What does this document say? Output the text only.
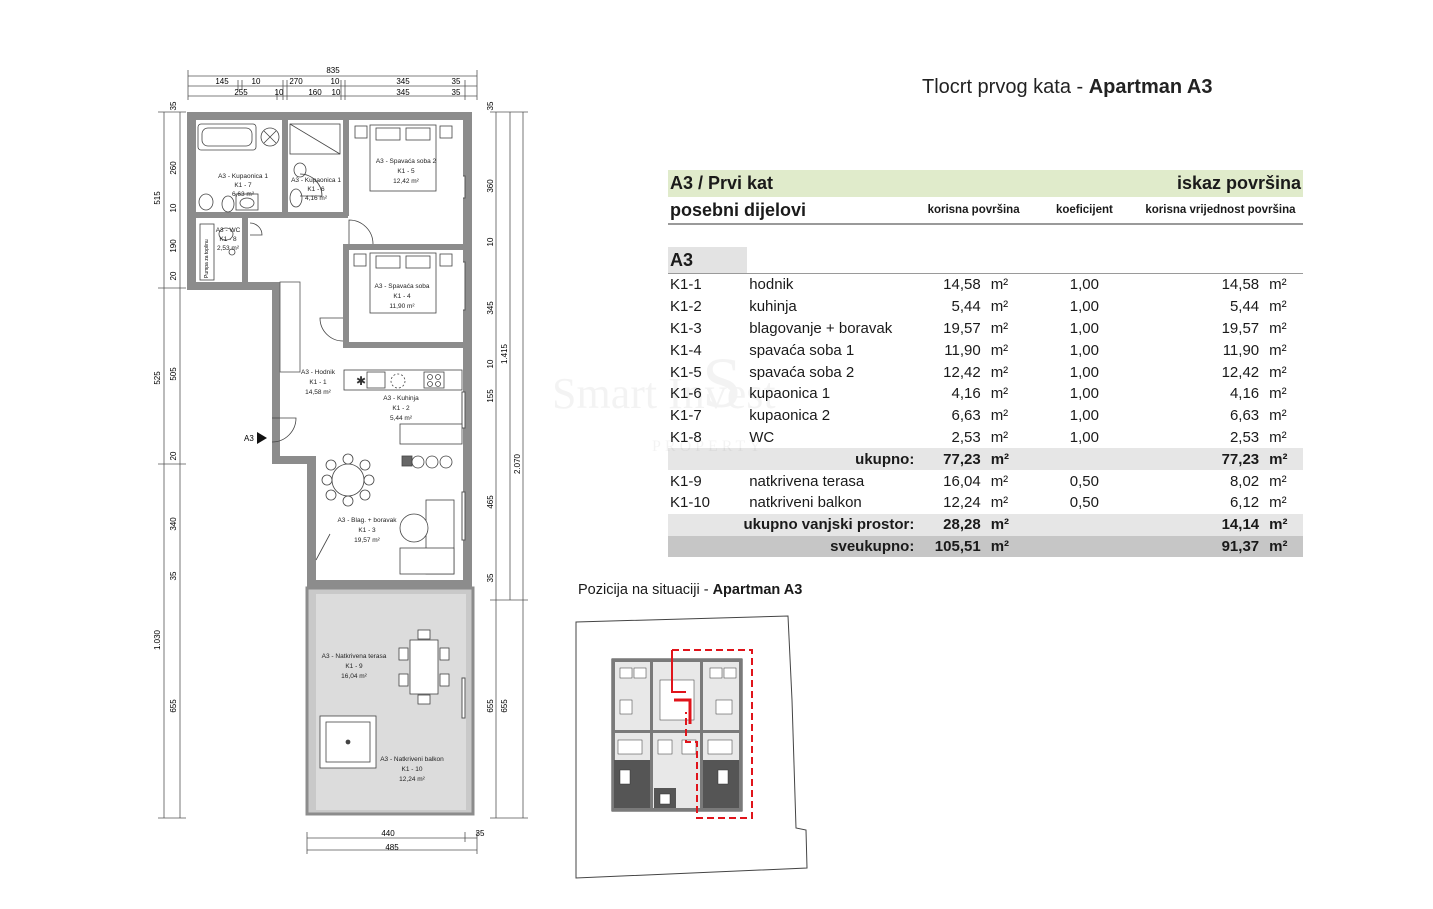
835
145	10	270	10	345	35
255	10	160 10	345	35
35
260
10
190
20
505
20
340
35
655
515
525
1.030
35
360
10
345
10
155
465
35
655
1.415
2.070
655
440	35
485
Pumpa za toplinu
✱
A3
A3 - Kupaonica 1
K1 - 7
6,63 m²
A3 - Kupaonica 1
K1 - 6
4,16 m²
A3 - Spavaća soba 2
K1 - 5
12,42 m²
A3 - WC
K1 - 8
2,53 m²
A3 - Spavaća soba
K1 - 4
11,90 m²
A3 - Hodnik
K1 - 1
14,58 m²
A3 - Kuhinja
K1 - 2
5,44 m²
A3 - Blag. + boravak
K1 - 3
19,57 m²
A3 - Natkrivena terasa
K1 - 9
16,04 m²
A3 - Natkriveni balkon
K1 - 10
12,24 m²
Tlocrt prvog kata - Apartman A3
A3 / Prvi kat				iskaz površina		
posebni dijelovi		korisna površina		koeficijent	korisna vrijednost površina	

A3						
K1-1	hodnik	14,58	m²	1,00	14,58	m²
K1-2	kuhinja	5,44	m²	1,00	5,44	m²
K1-3	blagovanje + boravak	19,57	m²	1,00	19,57	m²
K1-4	spavaća soba 1	11,90	m²	1,00	11,90	m²
K1-5	spavaća soba 2	12,42	m²	1,00	12,42	m²
K1-6	kupaonica 1	4,16	m²	1,00	4,16	m²
K1-7	kupaonica 2	6,63	m²	1,00	6,63	m²
K1-8	WC	2,53	m²	1,00	2,53	m²
ukupno:		77,23	m²		77,23	m²
K1-9	natkrivena terasa	16,04	m²	0,50	8,02	m²
K1-10	natkriveni balkon	12,24	m²	0,50	6,12	m²
ukupno vanjski prostor:		28,28	m²		14,14	m²
sveukupno:		105,51	m²		91,37	m²
Pozicija na situaciji - Apartman A3
